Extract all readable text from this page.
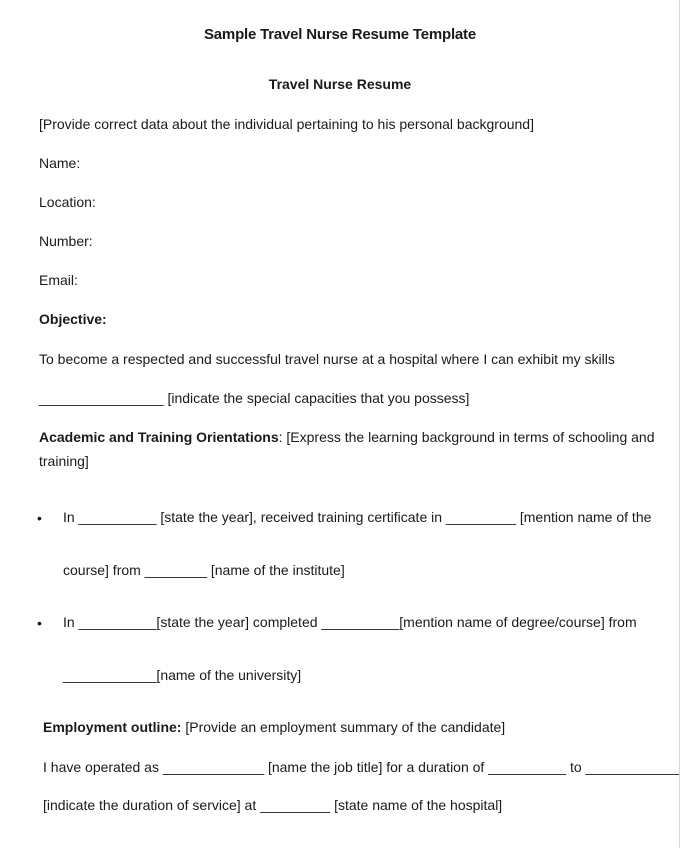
Sample Travel Nurse Resume Template
Travel Nurse Resume
[Provide correct data about the individual pertaining to his personal background]
Name:
Location:
Number:
Email:
Objective:
To become a respected and successful travel nurse at a hospital where I can exhibit my skills
________________ [indicate the special capacities that you possess]
Academic and Training Orientations: [Express the learning background in terms of schooling and training]
•	In __________ [state the year], received training certificate in _________ [mention name of the
course] from ________ [name of the institute]
•	In __________[state the year] completed __________[mention name of degree/course] from
____________[name of the university]
Employment outline: [Provide an employment summary of the candidate]
I have operated as _____________ [name the job title] for a duration of __________ to ____________
[indicate the duration of service] at _________ [state name of the hospital]
